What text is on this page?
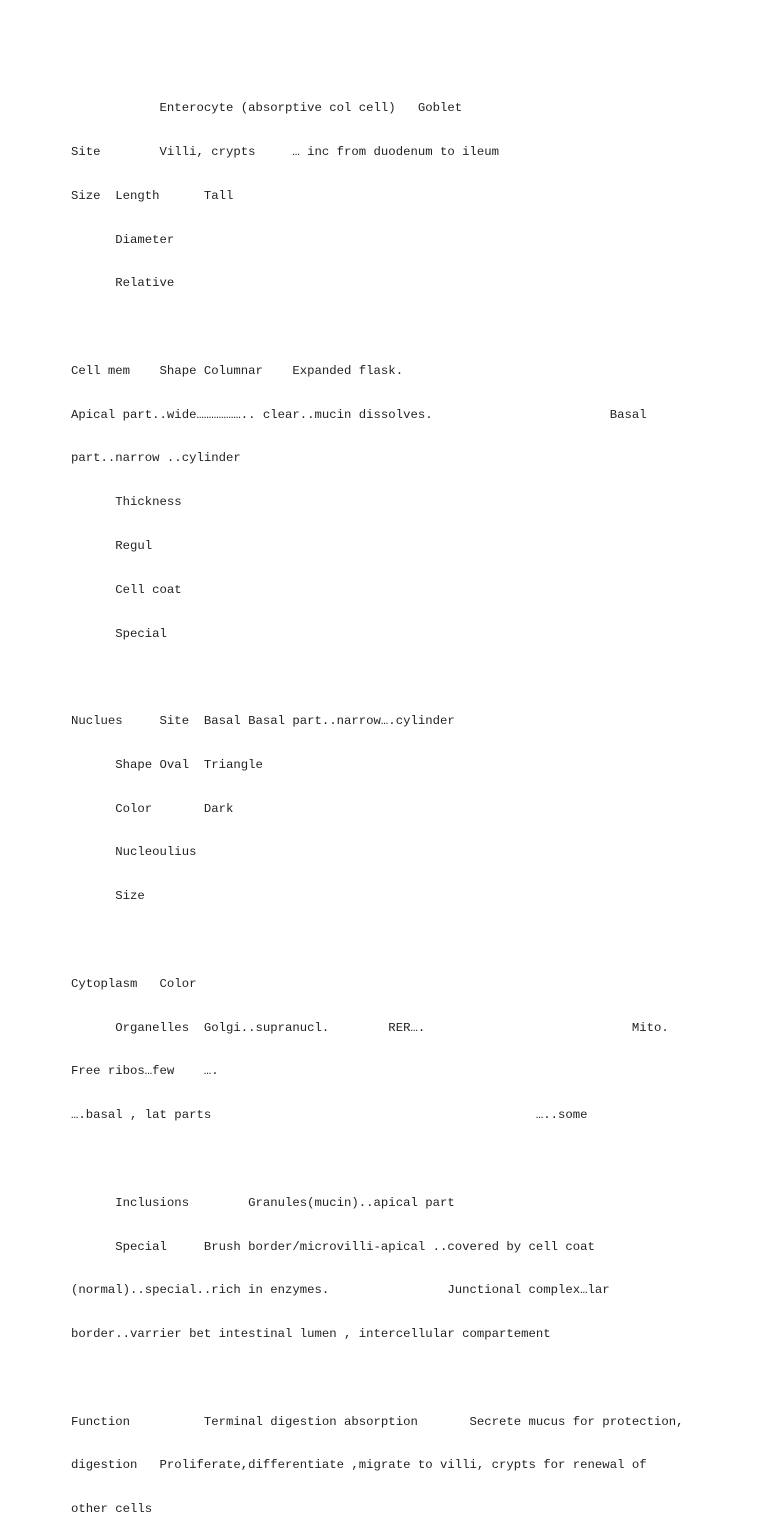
Enterocyte (absorptive col cell)   Goblet

Site        Villi, crypts     … inc from duodenum to ileum

Size  Length      Tall

Diameter

Relative

Cell mem    Shape Columnar    Expanded flask.

Apical part..wide……………….. clear..mucin dissolves.                        Basal

part..narrow ..cylinder

Thickness

Regul

Cell coat

Special

Nuclues     Site  Basal Basal part..narrow….cylinder

Shape Oval  Triangle

Color       Dark

Nucleoulius

Size

Cytoplasm   Color

Organelles  Golgi..supranucl.        RER….                            Mito.

Free ribos…few    ….

….basal , lat parts                                            …..some

Inclusions        Granules(mucin)..apical part

Special     Brush border/microvilli-apical ..covered by cell coat

(normal)..special..rich in enzymes.                Junctional complex…lar

border..varrier bet intestinal lumen , intercellular compartement

Function          Terminal digestion absorption       Secrete mucus for protection,

digestion   Proliferate,differentiate ,migrate to villi, crypts for renewal of

other cells
